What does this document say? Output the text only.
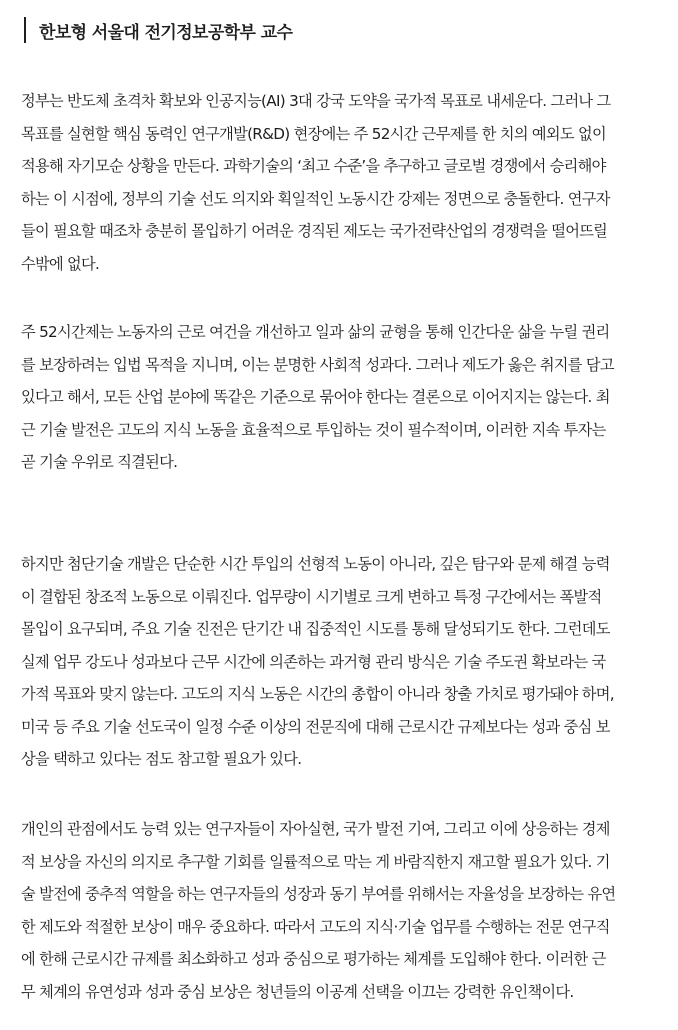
한보형 서울대 전기정보공학부 교수
정부는 반도체 초격차 확보와 인공지능(AI) 3대 강국 도약을 국가적 목표로 내세운다. 그러나 그
목표를 실현할 핵심 동력인 연구개발(R&D) 현장에는 주 52시간 근무제를 한 치의 예외도 없이
적용해 자기모순 상황을 만든다. 과학기술의 ‘최고 수준’을 추구하고 글로벌 경쟁에서 승리해야
하는 이 시점에, 정부의 기술 선도 의지와 획일적인 노동시간 강제는 정면으로 충돌한다. 연구자
들이 필요할 때조차 충분히 몰입하기 어려운 경직된 제도는 국가전략산업의 경쟁력을 떨어뜨릴
수밖에 없다.
주 52시간제는 노동자의 근로 여건을 개선하고 일과 삶의 균형을 통해 인간다운 삶을 누릴 권리
를 보장하려는 입법 목적을 지니며, 이는 분명한 사회적 성과다. 그러나 제도가 옳은 취지를 담고
있다고 해서, 모든 산업 분야에 똑같은 기준으로 묶어야 한다는 결론으로 이어지지는 않는다. 최
근 기술 발전은 고도의 지식 노동을 효율적으로 투입하는 것이 필수적이며, 이러한 지속 투자는
곧 기술 우위로 직결된다.
하지만 첨단기술 개발은 단순한 시간 투입의 선형적 노동이 아니라, 깊은 탐구와 문제 해결 능력
이 결합된 창조적 노동으로 이뤄진다. 업무량이 시기별로 크게 변하고 특정 구간에서는 폭발적
몰입이 요구되며, 주요 기술 진전은 단기간 내 집중적인 시도를 통해 달성되기도 한다. 그런데도
실제 업무 강도나 성과보다 근무 시간에 의존하는 과거형 관리 방식은 기술 주도권 확보라는 국
가적 목표와 맞지 않는다. 고도의 지식 노동은 시간의 총합이 아니라 창출 가치로 평가돼야 하며,
미국 등 주요 기술 선도국이 일정 수준 이상의 전문직에 대해 근로시간 규제보다는 성과 중심 보
상을 택하고 있다는 점도 참고할 필요가 있다.
개인의 관점에서도 능력 있는 연구자들이 자아실현, 국가 발전 기여, 그리고 이에 상응하는 경제
적 보상을 자신의 의지로 추구할 기회를 일률적으로 막는 게 바람직한지 재고할 필요가 있다. 기
술 발전에 중추적 역할을 하는 연구자들의 성장과 동기 부여를 위해서는 자율성을 보장하는 유연
한 제도와 적절한 보상이 매우 중요하다. 따라서 고도의 지식·기술 업무를 수행하는 전문 연구직
에 한해 근로시간 규제를 최소화하고 성과 중심으로 평가하는 체계를 도입해야 한다. 이러한 근
무 체계의 유연성과 성과 중심 보상은 청년들의 이공계 선택을 이끄는 강력한 유인책이다.
